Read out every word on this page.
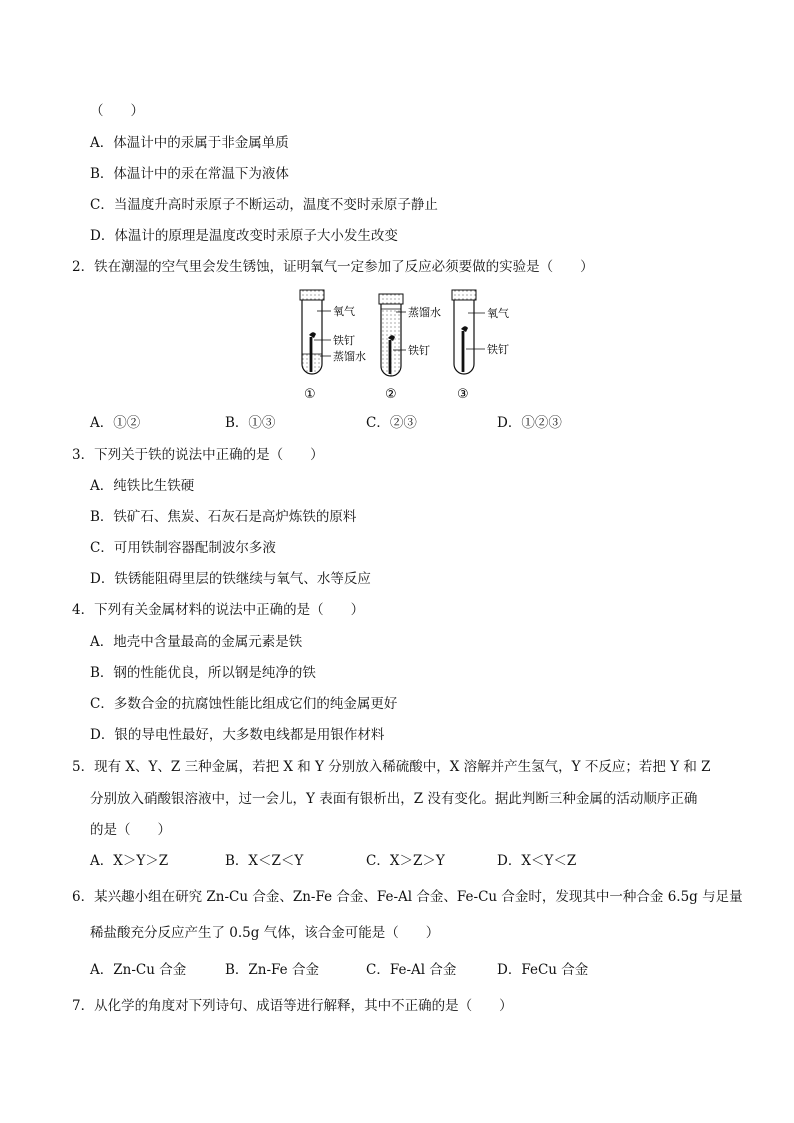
（　　）
A．体温计中的汞属于非金属单质
B．体温计中的汞在常温下为液体
C．当温度升高时汞原子不断运动，温度不变时汞原子静止
D．体温计的原理是温度改变时汞原子大小发生改变
2．铁在潮湿的空气里会发生锈蚀，证明氧气一定参加了反应必须要做的实验是（　　）
氧气
铁钉
蒸馏水
①
蒸馏水
铁钉
②
氧气
铁钉
③
A．①②	B．①③	C．②③	D．①②③
3．下列关于铁的说法中正确的是（　　）
A．纯铁比生铁硬
B．铁矿石、焦炭、石灰石是高炉炼铁的原料
C．可用铁制容器配制波尔多液
D．铁锈能阻碍里层的铁继续与氧气、水等反应
4．下列有关金属材料的说法中正确的是（　　）
A．地壳中含量最高的金属元素是铁
B．钢的性能优良，所以钢是纯净的铁
C．多数合金的抗腐蚀性能比组成它们的纯金属更好
D．银的导电性最好，大多数电线都是用银作材料
5．现有 X、Y、Z 三种金属，若把 X 和 Y 分别放入稀硫酸中，X 溶解并产生氢气，Y 不反应；若把 Y 和 Z
分别放入硝酸银溶液中，过一会儿，Y 表面有银析出，Z 没有变化。据此判断三种金属的活动顺序正确
的是（　　）
A．X＞Y＞Z	B．X＜Z＜Y	C．X＞Z＞Y	D．X＜Y＜Z
6．某兴趣小组在研究 Zn-Cu 合金、Zn-Fe 合金、Fe-Al 合金、Fe-Cu 合金时，发现其中一种合金 6.5g 与足量
稀盐酸充分反应产生了 0.5g 气体，该合金可能是（　　）
A．Zn-Cu 合金	B．Zn-Fe 合金	C．Fe-Al 合金	D．FeCu 合金
7．从化学的角度对下列诗句、成语等进行解释，其中不正确的是（　　）
